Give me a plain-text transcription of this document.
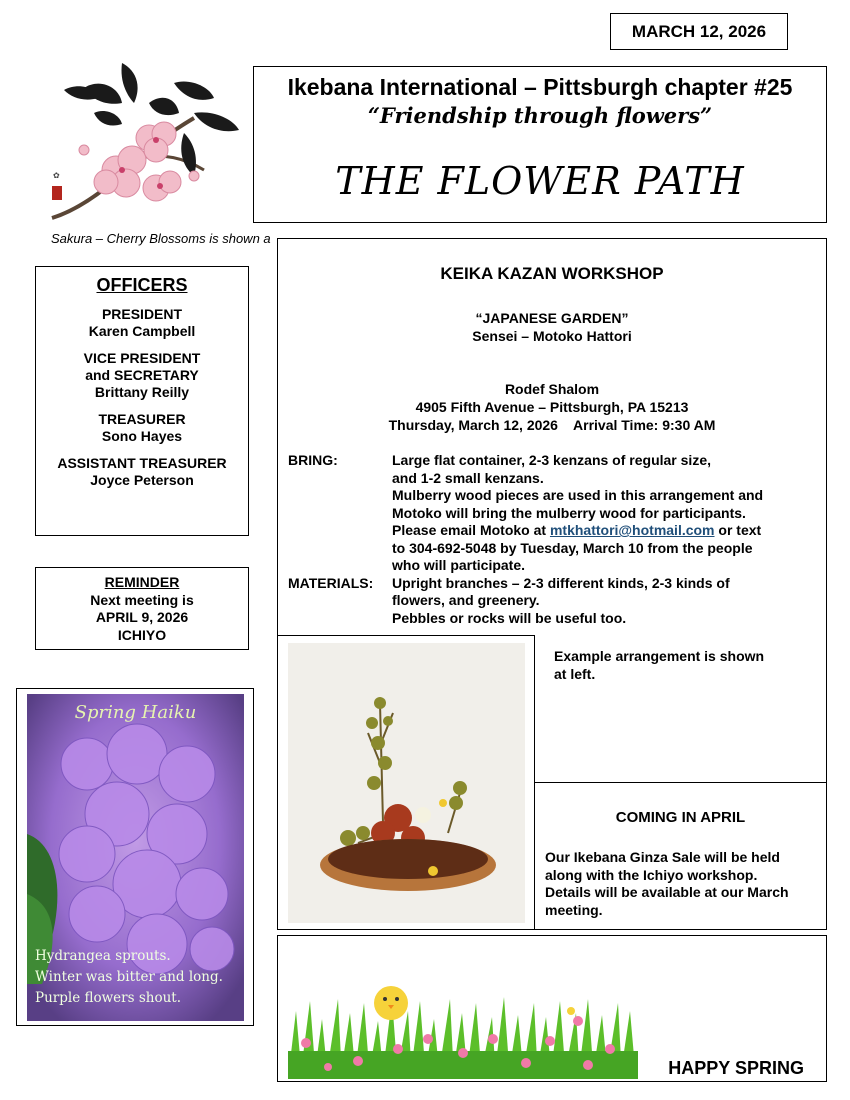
MARCH 12, 2026
✿
Sakura – Cherry Blossoms is shown a
Ikebana International – Pittsburgh chapter #25
“Friendship through flowers”
THE FLOWER PATH
OFFICERS
PRESIDENT
Karen Campbell
VICE PRESIDENT
and SECRETARY
Brittany Reilly
TREASURER
Sono Hayes
ASSISTANT TREASURER
Joyce Peterson
REMINDER
Next meeting is
APRIL 9, 2026
ICHIYO
Spring Haiku
Hydrangea sprouts.
Winter was bitter and long.
Purple flowers shout.
KEIKA KAZAN WORKSHOP
“JAPANESE GARDEN”
Sensei – Motoko Hattori
Rodef Shalom
4905 Fifth Avenue – Pittsburgh, PA 15213
Thursday, March 12, 2026    Arrival Time: 9:30 AM
BRING:	Large flat container, 2-3 kenzans of regular size,
and 1-2 small kenzans.
Mulberry wood pieces are used in this arrangement and
Motoko will bring the mulberry wood for participants.
Please email Motoko at mtkhattori@hotmail.com or text
to 304-692-5048 by Tuesday, March 10 from the people
who will participate.
MATERIALS:	Upright branches – 2-3 different kinds, 2-3 kinds of
flowers, and greenery.
Pebbles or rocks will be useful too.
Example arrangement is shown
at left.
COMING IN APRIL
Our Ikebana Ginza Sale will be held
along with the Ichiyo workshop.
Details will be available at our March
meeting.
HAPPY SPRING
